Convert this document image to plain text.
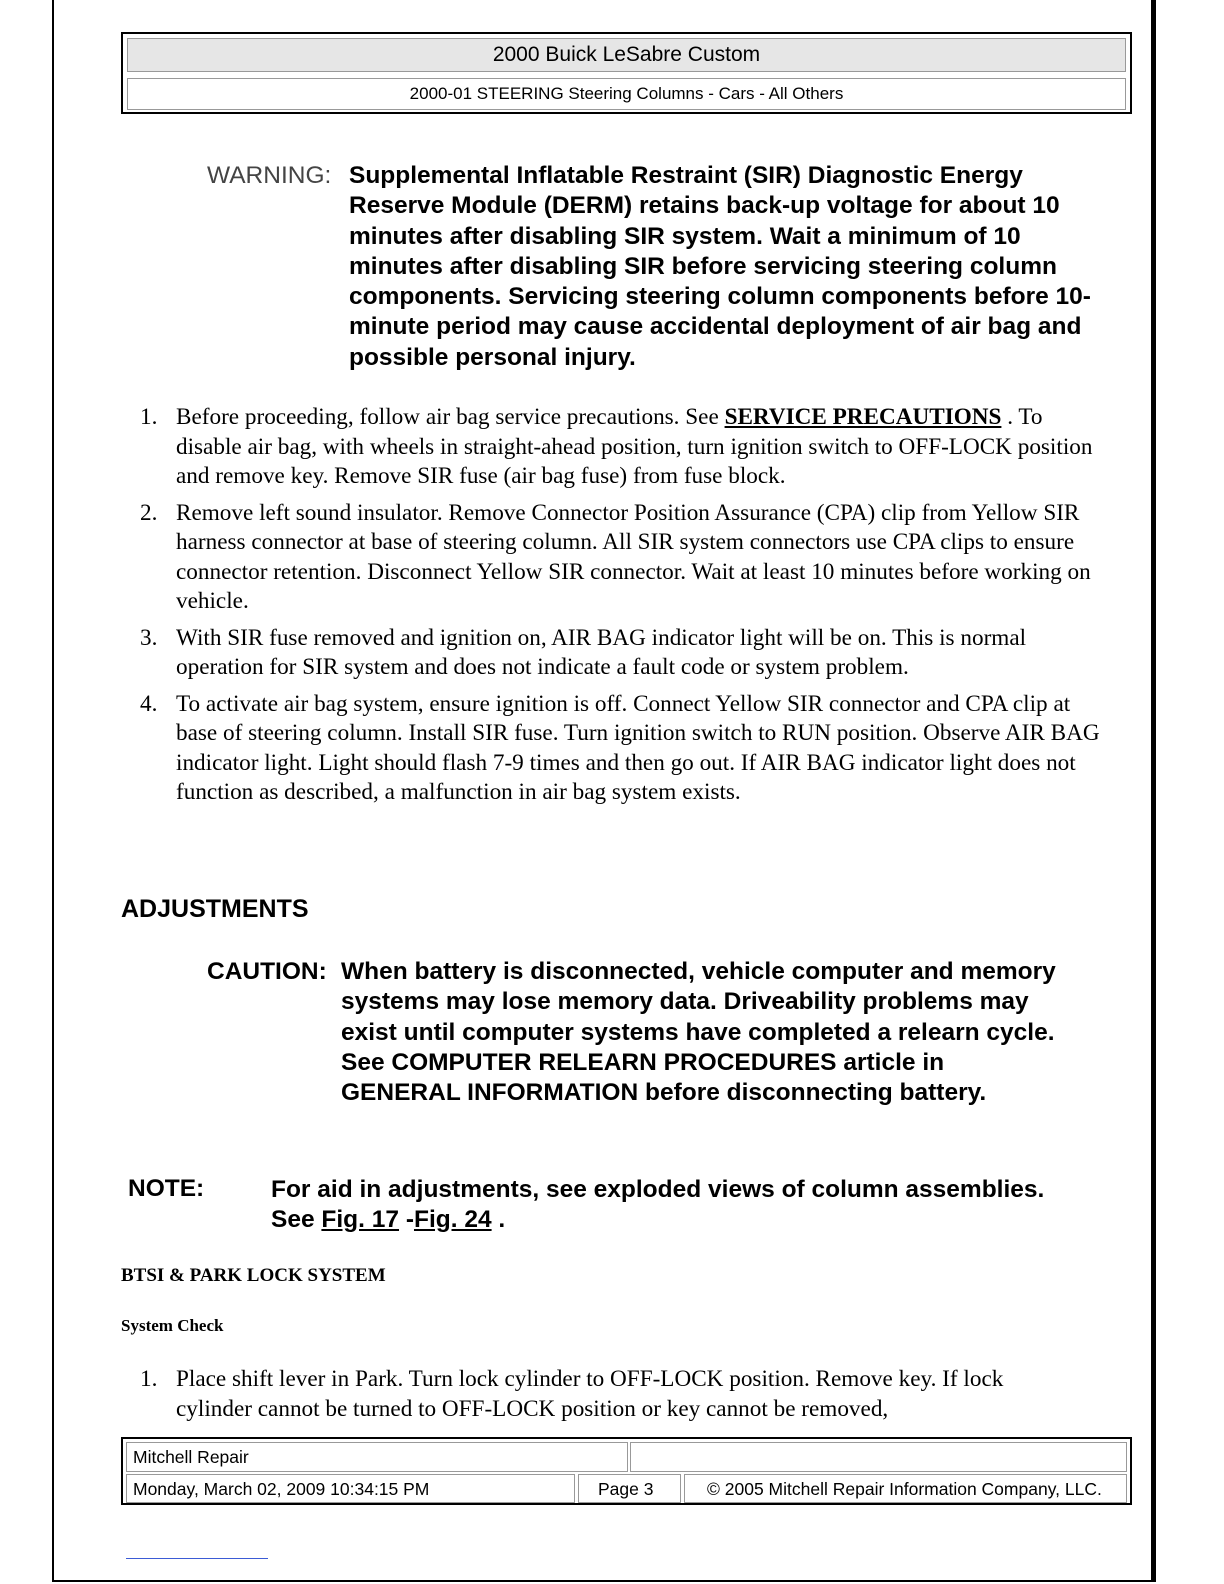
2000 Buick LeSabre Custom
2000-01 STEERING Steering Columns - Cars - All Others
WARNING: Supplemental Inflatable Restraint (SIR) Diagnostic Energy Reserve Module (DERM) retains back-up voltage for about 10 minutes after disabling SIR system. Wait a minimum of 10 minutes after disabling SIR before servicing steering column components. Servicing steering column components before 10-minute period may cause accidental deployment of air bag and possible personal injury.
1. Before proceeding, follow air bag service precautions. See SERVICE PRECAUTIONS . To disable air bag, with wheels in straight-ahead position, turn ignition switch to OFF-LOCK position and remove key. Remove SIR fuse (air bag fuse) from fuse block.
2. Remove left sound insulator. Remove Connector Position Assurance (CPA) clip from Yellow SIR harness connector at base of steering column. All SIR system connectors use CPA clips to ensure connector retention. Disconnect Yellow SIR connector. Wait at least 10 minutes before working on vehicle.
3. With SIR fuse removed and ignition on, AIR BAG indicator light will be on. This is normal operation for SIR system and does not indicate a fault code or system problem.
4. To activate air bag system, ensure ignition is off. Connect Yellow SIR connector and CPA clip at base of steering column. Install SIR fuse. Turn ignition switch to RUN position. Observe AIR BAG indicator light. Light should flash 7-9 times and then go out. If AIR BAG indicator light does not function as described, a malfunction in air bag system exists.
ADJUSTMENTS
CAUTION: When battery is disconnected, vehicle computer and memory systems may lose memory data. Driveability problems may exist until computer systems have completed a relearn cycle. See COMPUTER RELEARN PROCEDURES article in GENERAL INFORMATION before disconnecting battery.
NOTE:	For aid in adjustments, see exploded views of column assemblies. See Fig. 17 -Fig. 24 .
BTSI & PARK LOCK SYSTEM
System Check
1. Place shift lever in Park. Turn lock cylinder to OFF-LOCK position. Remove key. If lock cylinder cannot be turned to OFF-LOCK position or key cannot be removed,
Mitchell Repair
Monday, March 02, 2009 10:34:15 PM	Page 3	© 2005 Mitchell Repair Information Company, LLC.
